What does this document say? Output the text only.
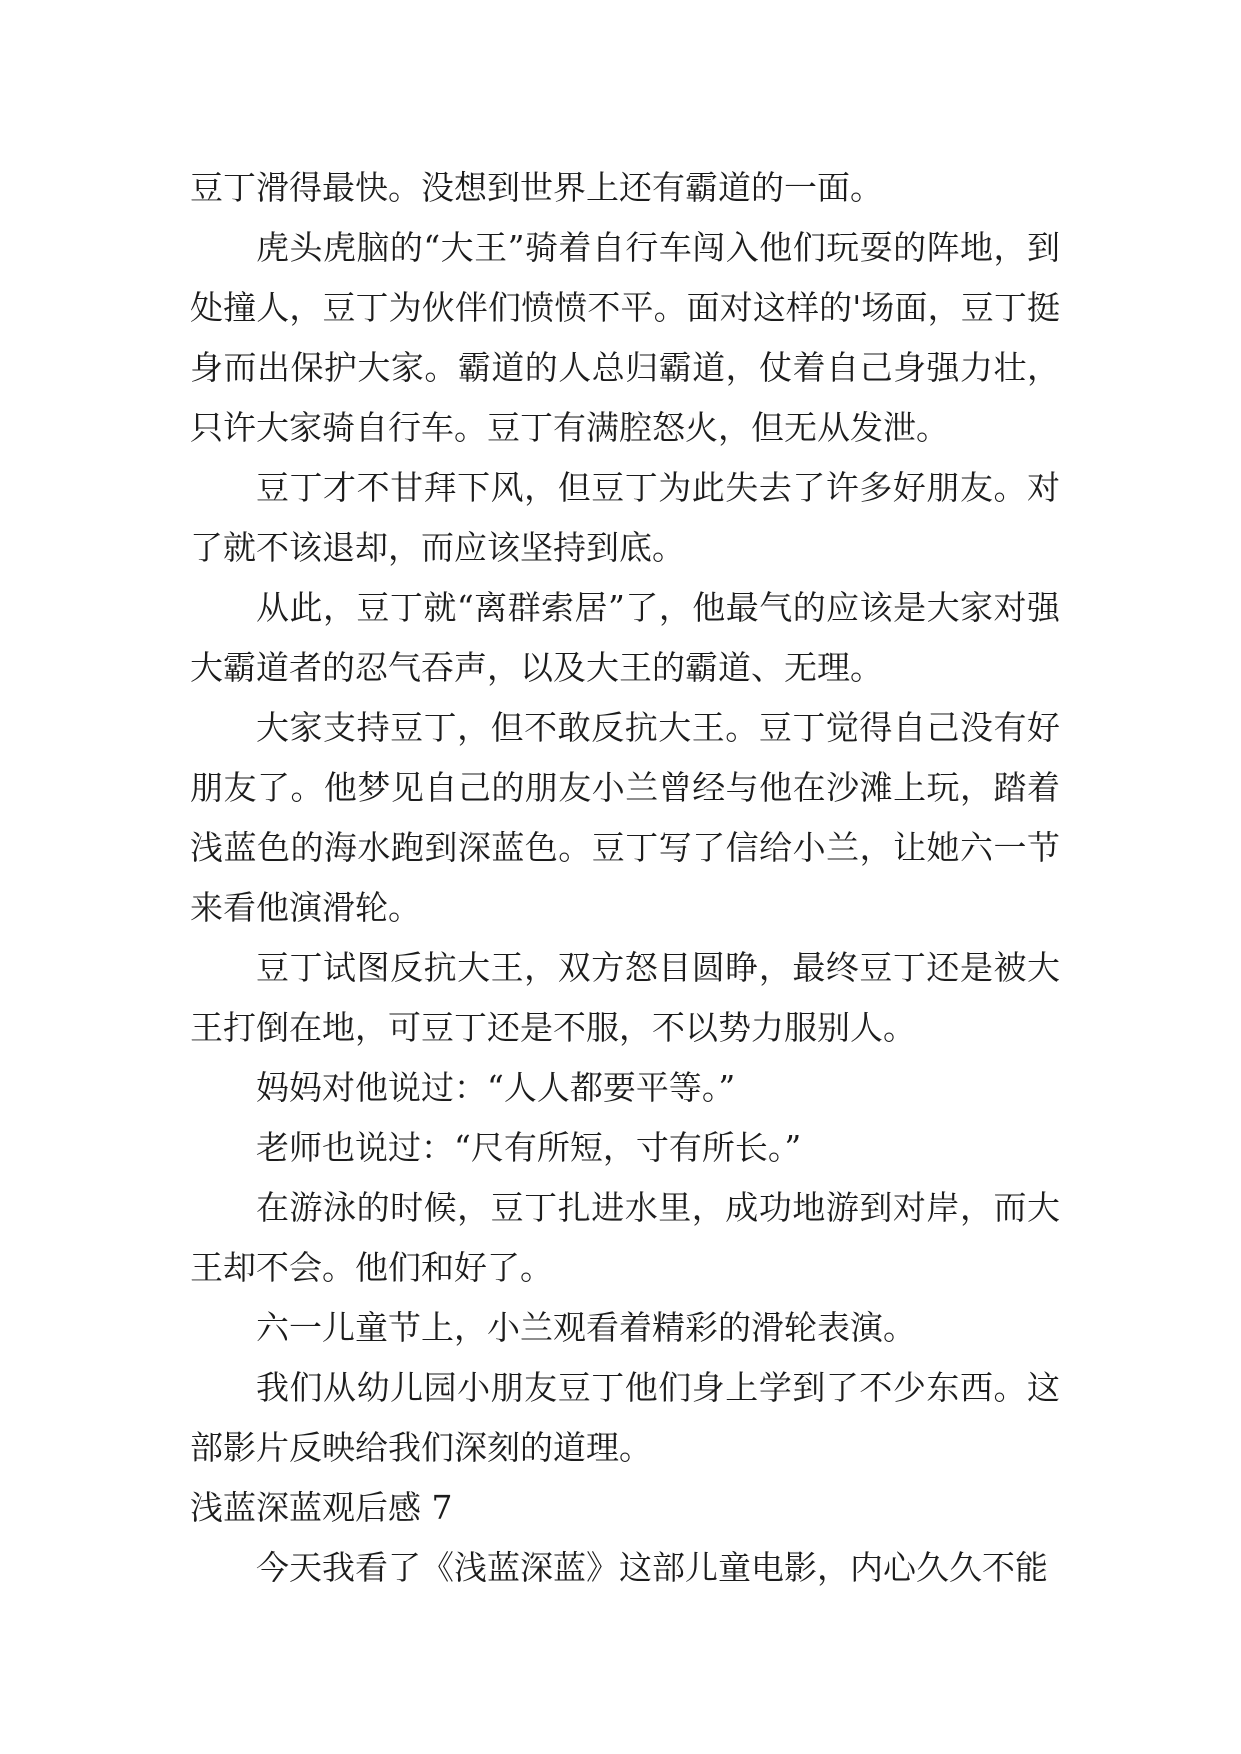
豆丁滑得最快。没想到世界上还有霸道的一面。

虎头虎脑的“大王”骑着自行车闯入他们玩耍的阵地，到处撞人，豆丁为伙伴们愤愤不平。面对这样的'场面，豆丁挺身而出保护大家。霸道的人总归霸道，仗着自己身强力壮，只许大家骑自行车。豆丁有满腔怒火，但无从发泄。

豆丁才不甘拜下风，但豆丁为此失去了许多好朋友。对了就不该退却，而应该坚持到底。

从此，豆丁就“离群索居”了，他最气的应该是大家对强大霸道者的忍气吞声，以及大王的霸道、无理。

大家支持豆丁，但不敢反抗大王。豆丁觉得自己没有好朋友了。他梦见自己的朋友小兰曾经与他在沙滩上玩，踏着浅蓝色的海水跑到深蓝色。豆丁写了信给小兰，让她六一节来看他演滑轮。

豆丁试图反抗大王，双方怒目圆睁，最终豆丁还是被大王打倒在地，可豆丁还是不服，不以势力服别人。

妈妈对他说过：“人人都要平等。”

老师也说过：“尺有所短，寸有所长。”

在游泳的时候，豆丁扎进水里，成功地游到对岸，而大王却不会。他们和好了。

六一儿童节上，小兰观看着精彩的滑轮表演。

我们从幼儿园小朋友豆丁他们身上学到了不少东西。这部影片反映给我们深刻的道理。

浅蓝深蓝观后感 7

今天我看了《浅蓝深蓝》这部儿童电影，内心久久不能
